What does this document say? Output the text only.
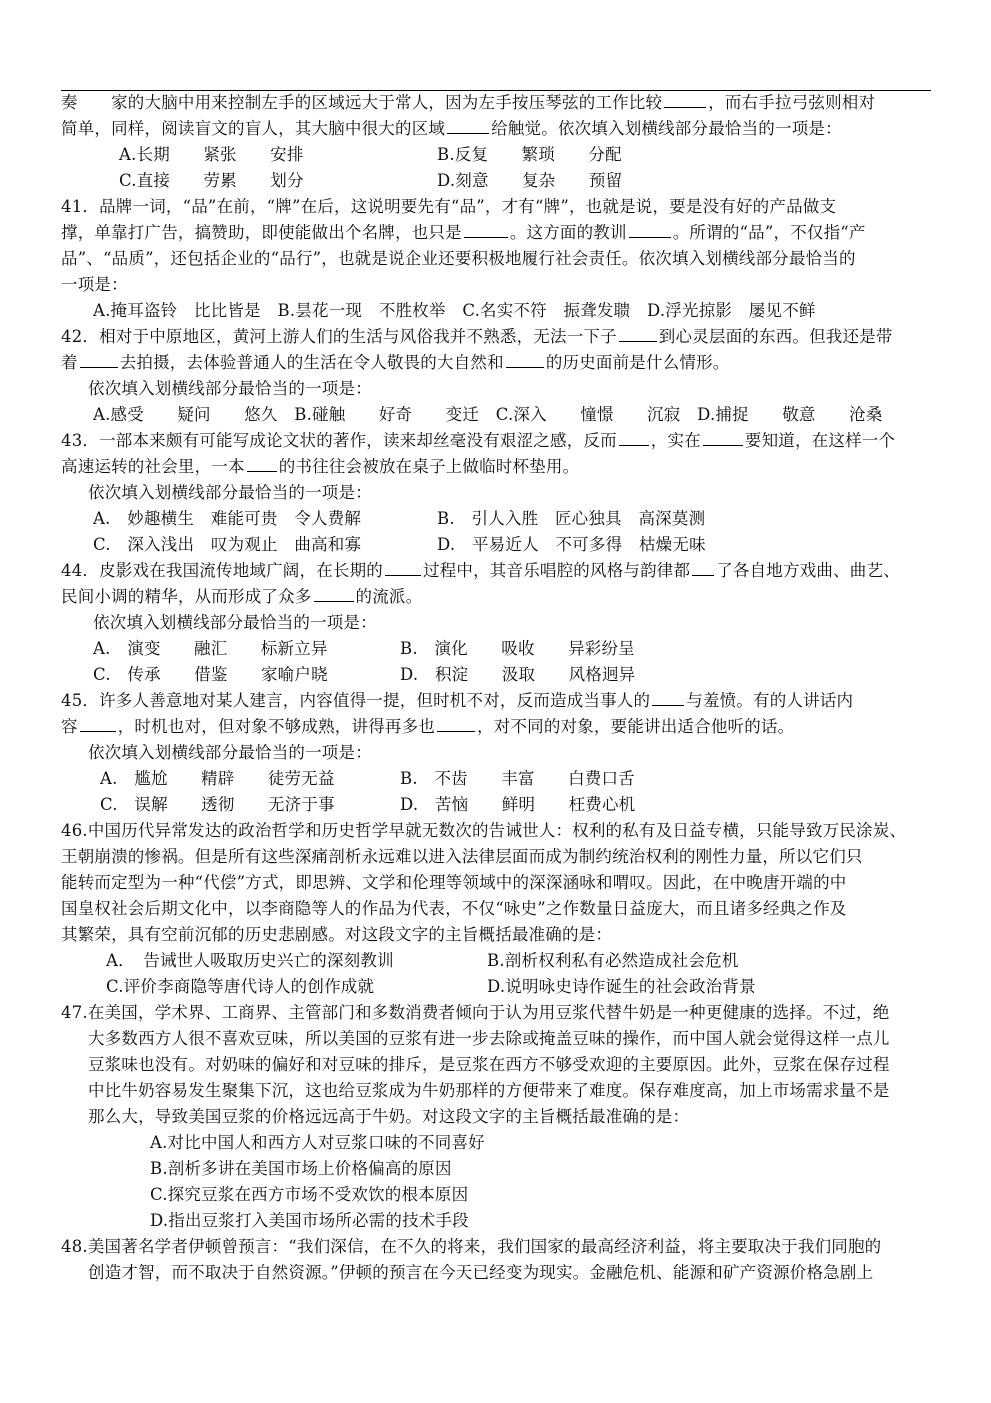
奏　　家的大脑中用来控制左手的区域远大于常人，因为左手按压琴弦的工作比较	，而右手拉弓弦则相对
简单，同样，阅读盲文的盲人，其大脑中很大的区域	给触觉。依次填入划横线部分最恰当的一项是：
A.长期　　紧张　　安排	B.反复　　繁琐　　分配
C.直接　　劳累　　划分	D.刻意　　复杂　　预留
41．品牌一词，“品”在前，“牌”在后，这说明要先有“品”，才有“牌”，也就是说，要是没有好的产品做支
撑，单靠打广告，搞赞助，即使能做出个名牌，也只是	。这方面的教训	。所谓的“品”，不仅指“产
品”、“品质”，还包括企业的“品行”，也就是说企业还要积极地履行社会责任。依次填入划横线部分最恰当的
一项是：
A.掩耳盗铃　比比皆是　B.昙花一现　不胜枚举　C.名实不符　振聋发聩　D.浮光掠影　屡见不鲜
42．相对于中原地区，黄河上游人们的生活与风俗我并不熟悉，无法一下子	到心灵层面的东西。但我还是带
着	去拍摄，去体验普通人的生活在令人敬畏的大自然和	的历史面前是什么情形。
依次填入划横线部分最恰当的一项是：
A.感受　　疑问　　悠久　B.碰触　　好奇　　变迁　C.深入　　憧憬　　沉寂　D.捕捉　　敬意　　沧桑
43．一部本来颇有可能写成论文状的著作，读来却丝毫没有艰涩之感，反而 ，实在	要知道，在这样一个
高速运转的社会里，一本 的书往往会被放在桌子上做临时杯垫用。
依次填入划横线部分最恰当的一项是：
A.　妙趣横生　难能可贵　令人费解	B.　引人入胜　匠心独具　高深莫测
C.　深入浅出　叹为观止　曲高和寡	D.　平易近人　不可多得　枯燥无味
44．皮影戏在我国流传地域广阔，在长期的 过程中，其音乐唱腔的风格与韵律都 了各自地方戏曲、曲艺、
民间小调的精华，从而形成了众多	的流派。
依次填入划横线部分最恰当的一项是：
A.　演变　　融汇　　标新立异	B.　演化　　吸收　　异彩纷呈
C.　传承　　借鉴　　家喻户晓	D.　积淀　　汲取　　风格迥异
45．许多人善意地对某人建言，内容值得一提，但时机不对，反而造成当事人的 与羞愤。有的人讲话内
容 ，时机也对，但对象不够成熟，讲得再多也	，对不同的对象，要能讲出适合他听的话。
依次填入划横线部分最恰当的一项是：
A.　尴尬　　精辟　　徒劳无益	B.　不齿　　丰富　　白费口舌
C.　误解　　透彻　　无济于事	D.　苦恼　　鲜明　　枉费心机
46.中国历代异常发达的政治哲学和历史哲学早就无数次的告诫世人：权利的私有及日益专横，只能导致万民涂炭、
王朝崩溃的惨祸。但是所有这些深痛剖析永远难以进入法律层面而成为制约统治权利的刚性力量，所以它们只
能转而定型为一种“代偿”方式，即思辨、文学和伦理等领域中的深深涵咏和喟叹。因此，在中晚唐开端的中
国皇权社会后期文化中，以李商隐等人的作品为代表，不仅“咏史”之作数量日益庞大，而且诸多经典之作及
其繁荣，具有空前沉郁的历史悲剧感。对这段文字的主旨概括最准确的是：
A．　告诫世人吸取历史兴亡的深刻教训	B.剖析权利私有必然造成社会危机
C.评价李商隐等唐代诗人的创作成就	D.说明咏史诗作诞生的社会政治背景
47.在美国，学术界、工商界、主管部门和多数消费者倾向于认为用豆浆代替牛奶是一种更健康的选择。不过，绝
大多数西方人很不喜欢豆味，所以美国的豆浆有进一步去除或掩盖豆味的操作，而中国人就会觉得这样一点儿
豆浆味也没有。对奶味的偏好和对豆味的排斥，是豆浆在西方不够受欢迎的主要原因。此外，豆浆在保存过程
中比牛奶容易发生聚集下沉，这也给豆浆成为牛奶那样的方便带来了难度。保存难度高，加上市场需求量不是
那么大，导致美国豆浆的价格远远高于牛奶。对这段文字的主旨概括最准确的是：
A.对比中国人和西方人对豆浆口味的不同喜好
B.剖析多讲在美国市场上价格偏高的原因
C.探究豆浆在西方市场不受欢饮的根本原因
D.指出豆浆打入美国市场所必需的技术手段
48.美国著名学者伊顿曾预言：“我们深信，在不久的将来，我们国家的最高经济利益，将主要取决于我们同胞的
创造才智，而不取决于自然资源。”伊顿的预言在今天已经变为现实。金融危机、能源和矿产资源价格急剧上
